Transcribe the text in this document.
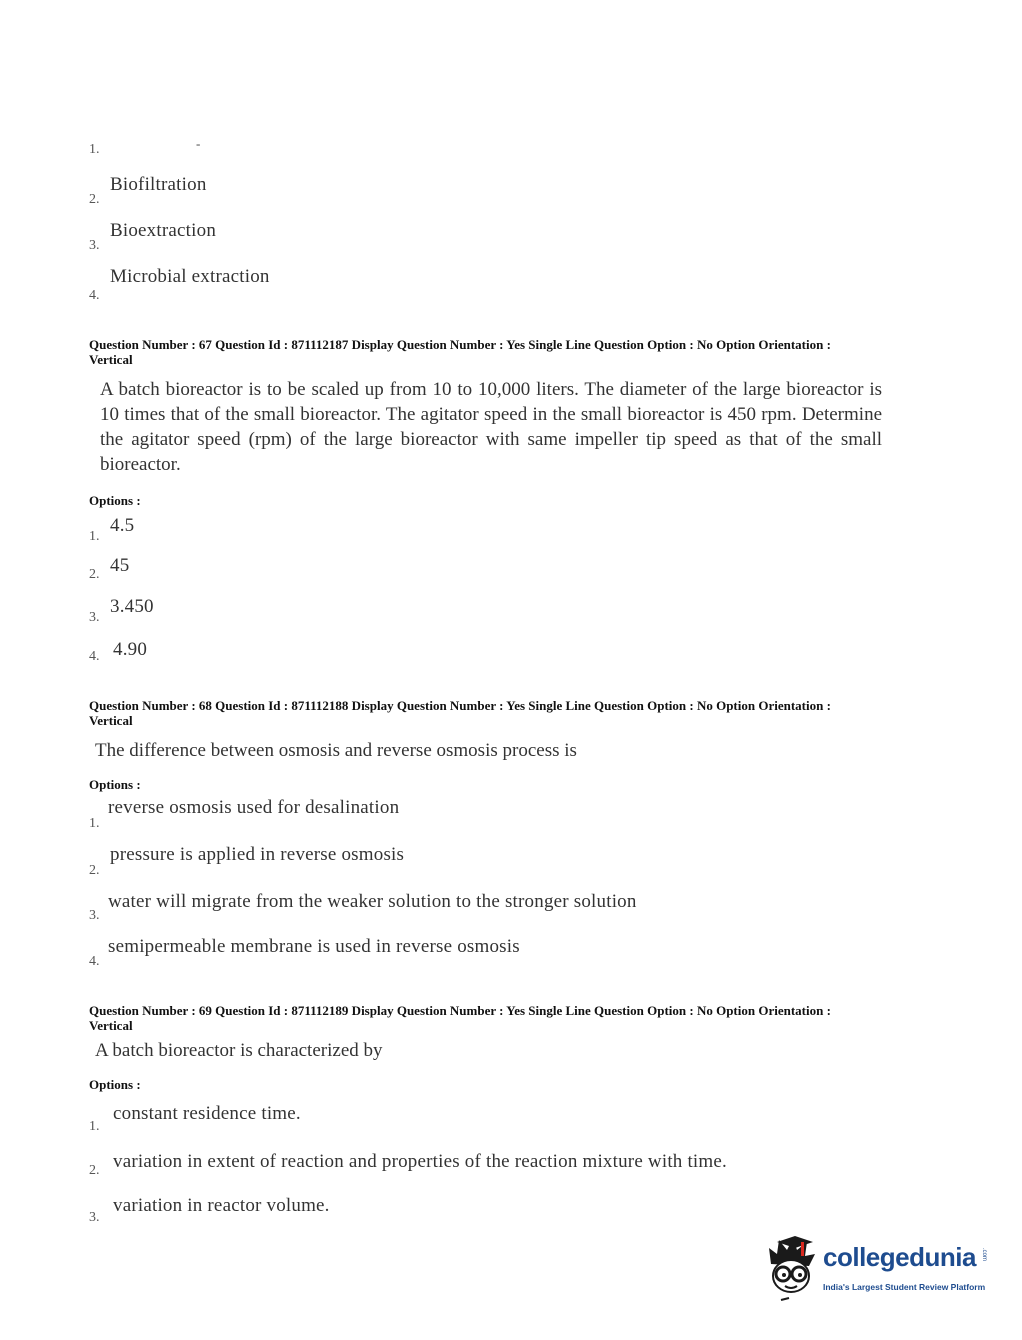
1.	-
Biofiltration
2.
Bioextraction
3.
Microbial extraction
4.
Question Number : 67 Question Id : 871112187 Display Question Number : Yes Single Line Question Option : No Option Orientation : Vertical
A batch bioreactor is to be scaled up from 10 to 10,000 liters. The diameter of the large bioreactor is 10 times that of the small bioreactor. The agitator speed in the small bioreactor is 450 rpm. Determine the agitator speed (rpm) of the large bioreactor with same impeller tip speed as that of the small bioreactor.
Options :
4.5
1.
45
2.
3.450
3.
4.90
4.
Question Number : 68 Question Id : 871112188 Display Question Number : Yes Single Line Question Option : No Option Orientation : Vertical
The difference between osmosis and reverse osmosis process is
Options :
reverse osmosis used for desalination
1.
pressure is applied in reverse osmosis
2.
water will migrate from the weaker solution to the stronger solution
3.
semipermeable membrane is used in reverse osmosis
4.
Question Number : 69 Question Id : 871112189 Display Question Number : Yes Single Line Question Option : No Option Orientation : Vertical
A batch bioreactor is characterized by
Options :
constant residence time.
1.
variation in extent of reaction and properties of the reaction mixture with time.
2.
variation in reactor volume.
3.
collegedunia .com
India's Largest Student Review Platform
